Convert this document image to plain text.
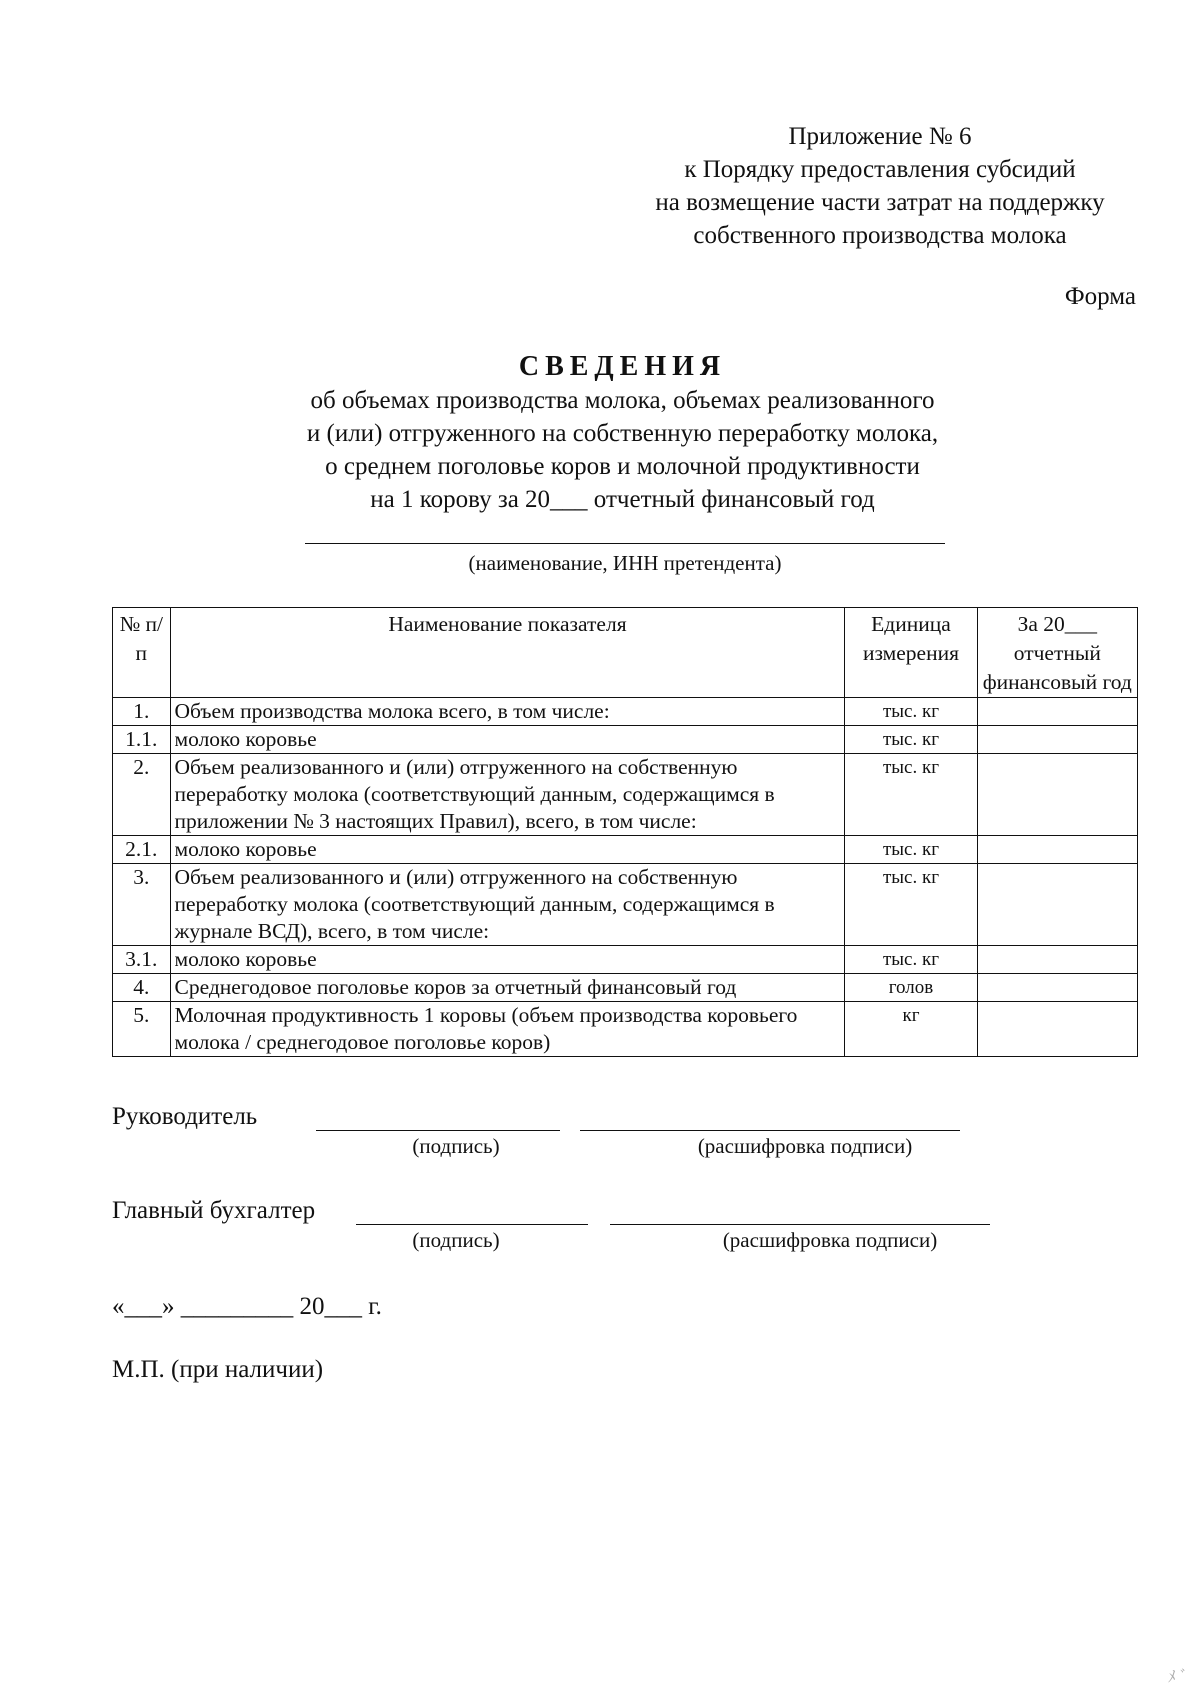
Приложение № 6
к Порядку предоставления субсидий
на возмещение части затрат на поддержку
собственного производства молока
Форма
СВЕДЕНИЯ
об объемах производства молока, объемах реализованного
и (или) отгруженного на собственную переработку молока,
о среднем поголовье коров и молочной продуктивности
на 1 корову за 20___ отчетный финансовый год
(наименование, ИНН претендента)
№ п/п	Наименование показателя	Единица измерения	За 20___ отчетный финансовый год
1.	Объем производства молока всего, в том числе:	тыс. кг	
1.1.	молоко коровье	тыс. кг	
2.	Объем реализованного и (или) отгруженного на собственную переработку молока (соответствующий данным, содержащимся в приложении № 3 настоящих Правил), всего, в том числе:	тыс. кг	
2.1.	молоко коровье	тыс. кг	
3.	Объем реализованного и (или) отгруженного на собственную переработку молока (соответствующий данным, содержащимся в журнале ВСД), всего, в том числе:	тыс. кг	
3.1.	молоко коровье	тыс. кг	
4.	Среднегодовое поголовье коров за отчетный финансовый год	голов	
5.	Молочная продуктивность 1 коровы (объем производства коровьего молока / среднегодовое поголовье коров)	кг	
Руководитель
(подпись)	(расшифровка подписи)
Главный бухгалтер
(подпись)	(расшифровка подписи)
«___» _________ 20___ г.
М.П. (при наличии)
ﾒ ﾞ
